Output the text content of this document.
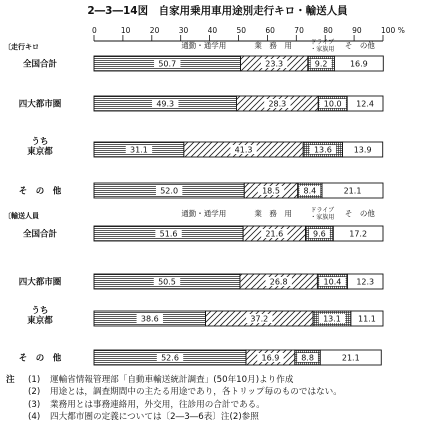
2―3―14図　自家用乗用車用途別走行キロ・輸送人員
0	10	20	30	40	50	60	70	80	90	100 %
〔走行キロ	通勤・通学用	業　務　用	ドライブ
・家族用 そ　の他
全国合計	50.7	23.3	9.2	16.9
四大都市圏	49.3	28.3	10.0 12.4
うち
東京都	31.1	41.3	13.6	13.9
そ　の　他	52.0	18.5	8.4	21.1
〔輸送人員	通勤・通学用	業　務　用	ドライブ
・家族用 そ　の他
全国合計	51.6	21.6	9.6	17.2
四大都市圏	50.5	26.8	10.4 12.3
うち
東京都	38.6	37.2	13.1 11.1
そ　の　他	52.6	16.9	8.8	21.1
注	(1)	運輸省情報管理部「自動車輸送統計調査」(50年10月)より作成
(2)	用途とは，調査期間中の主たる用途であり，各トリップ毎のものではない。
(3)	業務用とは事務連絡用，外交用，往診用の合計である。
(4)	四大都市圏の定義については〔2―3―6表〕注(2)参照
